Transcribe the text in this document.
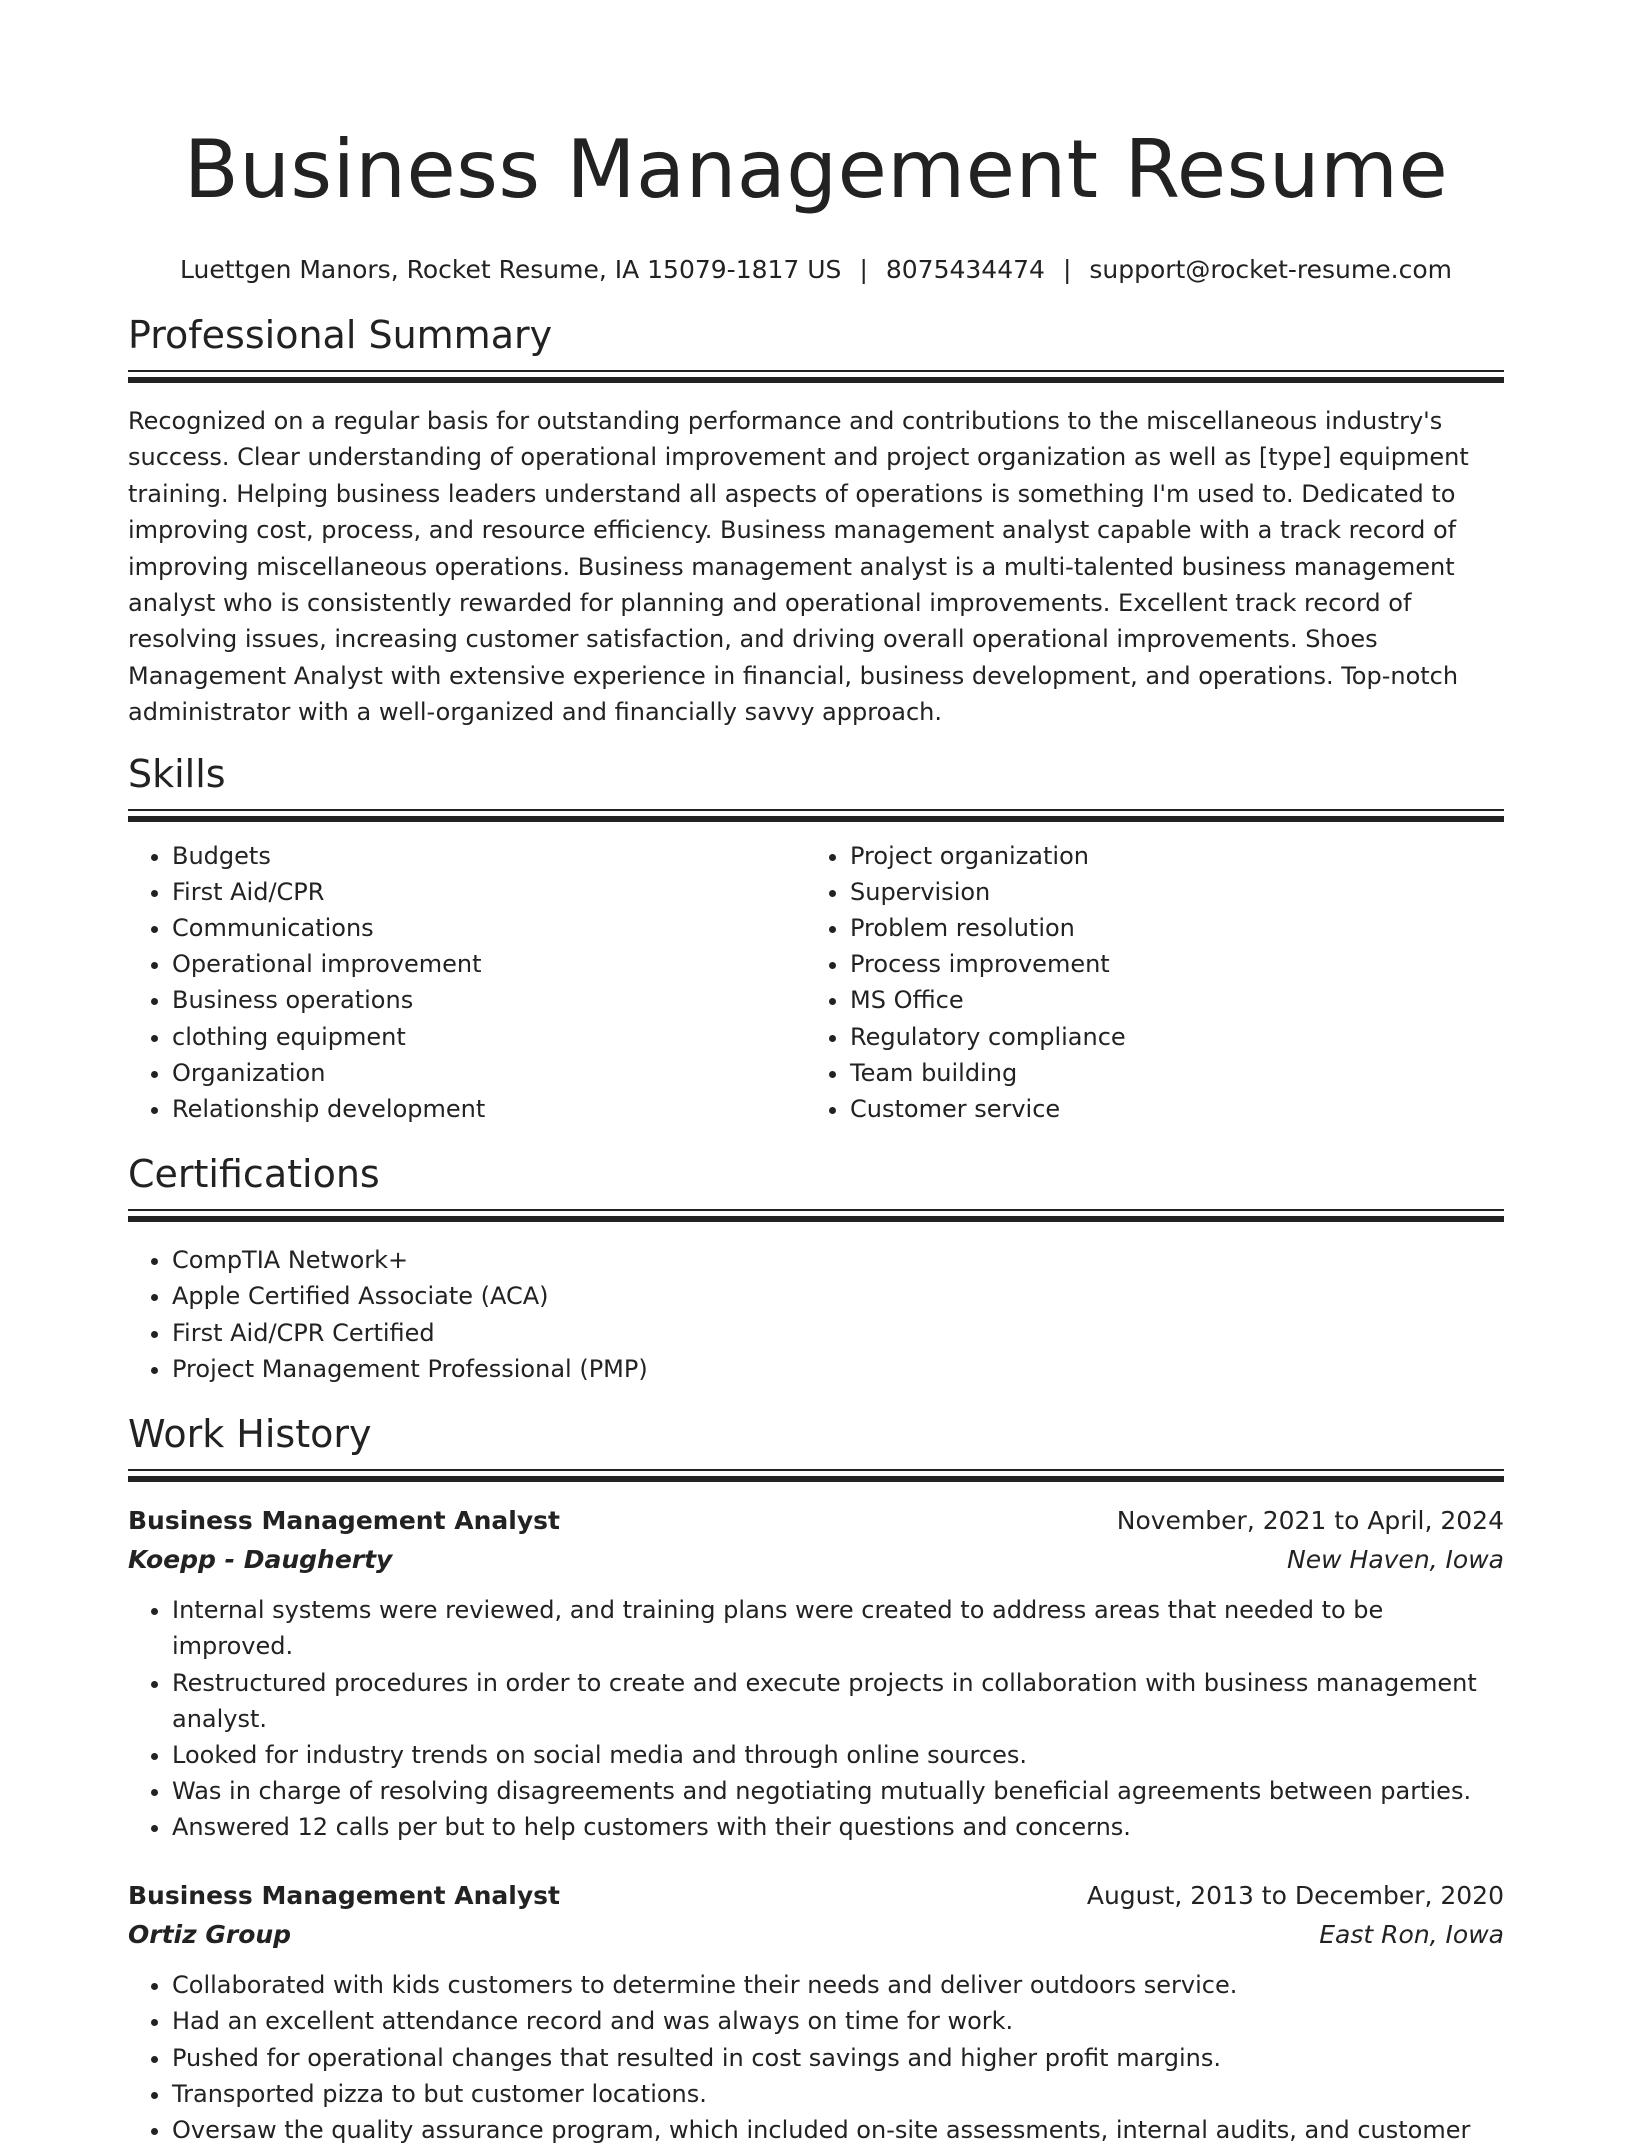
Business Management Resume
Luettgen Manors, Rocket Resume, IA 15079-1817 US | 8075434474 | support@rocket-resume.com
Professional Summary

Recognized on a regular basis for outstanding performance and contributions to the miscellaneous industry's success. Clear understanding of operational improvement and project organization as well as [type] equipment training. Helping business leaders understand all aspects of operations is something I'm used to. Dedicated to improving cost, process, and resource efficiency. Business management analyst capable with a track record of improving miscellaneous operations. Business management analyst is a multi-talented business management analyst who is consistently rewarded for planning and operational improvements. Excellent track record of resolving issues, increasing customer satisfaction, and driving overall operational improvements. Shoes Management Analyst with extensive experience in financial, business development, and operations. Top-notch administrator with a well-organized and financially savvy approach.

Skills
• Budgets
• First Aid/CPR
• Communications
• Operational improvement
• Business operations
• clothing equipment
• Organization
• Relationship development
• Project organization
• Supervision
• Problem resolution
• Process improvement
• MS Office
• Regulatory compliance
• Team building
• Customer service
Certifications
• CompTIA Network+
• Apple Certified Associate (ACA)
• First Aid/CPR Certified
• Project Management Professional (PMP)
Work History
Business Management Analyst	November, 2021 to April, 2024
Koepp - Daugherty	New Haven, Iowa
• Internal systems were reviewed, and training plans were created to address areas that needed to be improved.
• Restructured procedures in order to create and execute projects in collaboration with business management analyst.
• Looked for industry trends on social media and through online sources.
• Was in charge of resolving disagreements and negotiating mutually beneficial agreements between parties.
• Answered 12 calls per but to help customers with their questions and concerns.
Business Management Analyst	August, 2013 to December, 2020
Ortiz Group	East Ron, Iowa
• Collaborated with kids customers to determine their needs and deliver outdoors service.
• Had an excellent attendance record and was always on time for work.
• Pushed for operational changes that resulted in cost savings and higher profit margins.
• Transported pizza to but customer locations.
• Oversaw the quality assurance program, which included on-site assessments, internal audits, and customer
